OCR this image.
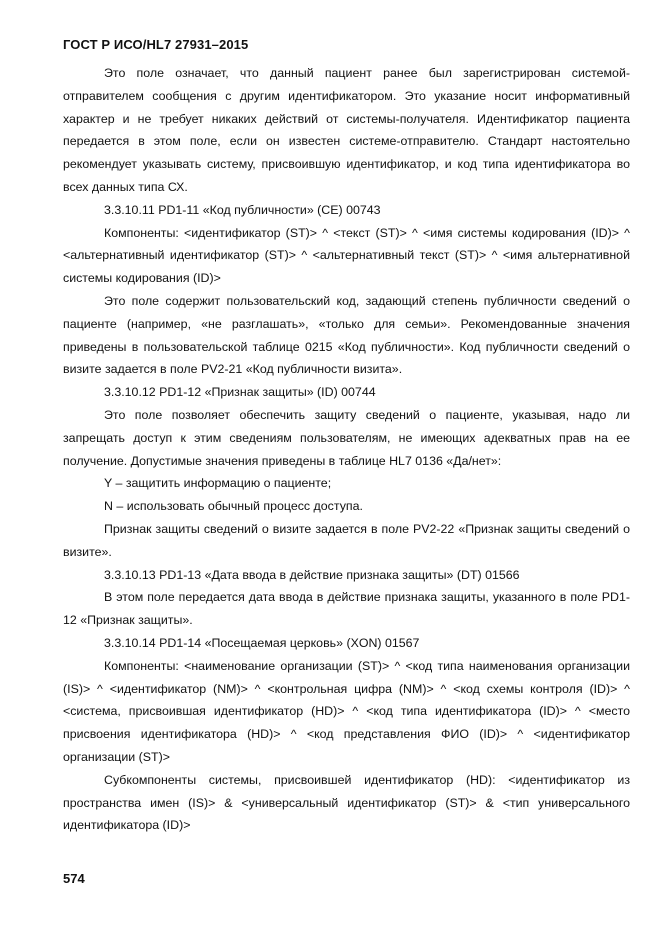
ГОСТ Р ИСО/HL7 27931–2015

Это поле означает, что данный пациент ранее был зарегистрирован системой-отправителем сообщения с другим идентификатором. Это указание носит информативный характер и не требует никаких действий от системы-получателя. Идентификатор пациента передается в этом поле, если он известен системе-отправителю. Стандарт настоятельно рекомендует указывать систему, присвоившую идентификатор, и код типа идентификатора во всех данных типа СХ.

3.3.10.11 PD1-11 «Код публичности» (СЕ) 00743

Компоненты: <идентификатор (ST)> ^ <текст (ST)> ^ <имя системы кодирования (ID)> ^ <альтернативный идентификатор (ST)> ^ <альтернативный текст (ST)> ^ <имя альтернативной системы кодирования (ID)>

Это поле содержит пользовательский код, задающий степень публичности сведений о пациенте (например, «не разглашать», «только для семьи». Рекомендованные значения приведены в пользовательской таблице 0215 «Код публичности». Код публичности сведений о визите задается в поле PV2-21 «Код публичности визита».

3.3.10.12 PD1-12 «Признак защиты» (ID) 00744

Это поле позволяет обеспечить защиту сведений о пациенте, указывая, надо ли запрещать доступ к этим сведениям пользователям, не имеющих адекватных прав на ее получение. Допустимые значения приведены в таблице HL7 0136 «Да/нет»:

Y – защитить информацию о пациенте;

N – использовать обычный процесс доступа.

Признак защиты сведений о визите задается в поле PV2-22 «Признак защиты сведений о визите».

3.3.10.13 PD1-13 «Дата ввода в действие признака защиты» (DT) 01566

В этом поле передается дата ввода в действие признака защиты, указанного в поле PD1-12 «Признак защиты».

3.3.10.14 PD1-14 «Посещаемая церковь» (XON) 01567

Компоненты: <наименование организации (ST)> ^ <код типа наименования организации (IS)> ^ <идентификатор (NM)> ^ <контрольная цифра (NM)> ^ <код схемы контроля (ID)> ^ <система, присвоившая идентификатор (HD)> ^ <код типа идентификатора (ID)> ^ <место присвоения идентификатора (HD)> ^ <код представления ФИО (ID)> ^ <идентификатор организации (ST)>

Субкомпоненты системы, присвоившей идентификатор (HD): <идентификатор из пространства имен (IS)> & <универсальный идентификатор (ST)> & <тип универсального идентификатора (ID)>

574
